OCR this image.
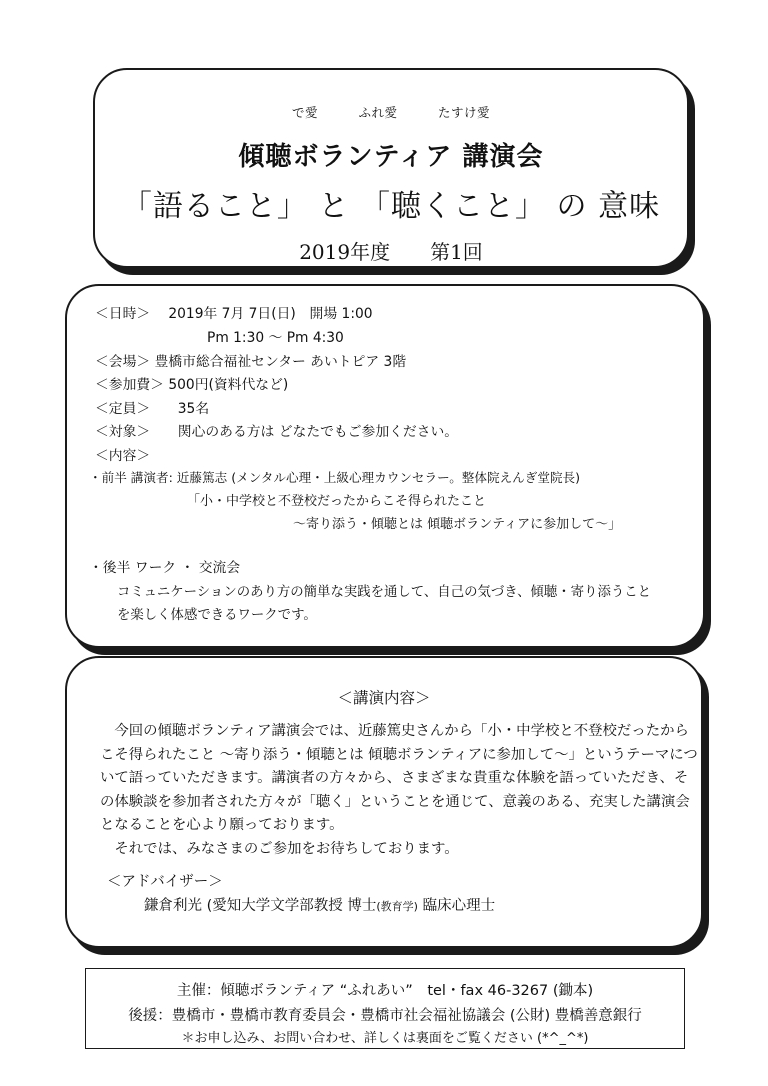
で愛	ふれ愛	たすけ愛
傾聴ボランティア 講演会
「語ること」 と 「聴くこと」 の 意味
2019年度　　第1回
＜日時＞　 2019年 7月 7日(日)　開場 1:00
Pm 1:30 ～ Pm 4:30
＜会場＞ 豊橋市総合福祉センター あいトピア 3階
＜参加費＞ 500円(資料代など)
＜定員＞　　35名
＜対象＞　　関心のある方は どなたでもご参加ください。
＜内容＞
・前半 講演者: 近藤篤志 (メンタル心理・上級心理カウンセラー。整体院えんぎ堂院長)
「小・中学校と不登校だったからこそ得られたこと
～寄り添う・傾聴とは 傾聴ボランティアに参加して～」
・後半 ワーク ・ 交流会
コミュニケーションのあり方の簡単な実践を通して、自己の気づき、傾聴・寄り添うこと
を楽しく体感できるワークです。
＜講演内容＞

今回の傾聴ボランティア講演会では、近藤篤史さんから「小・中学校と不登校だったからこそ得られたこと ～寄り添う・傾聴とは 傾聴ボランティアに参加して～」というテーマについて語っていただきます。講演者の方々から、さまざまな貴重な体験を語っていただき、その体験談を参加者された方々が「聴く」ということを通じて、意義のある、充実した講演会となることを心より願っております。

それでは、みなさまのご参加をお待ちしております。

＜アドバイザー＞
鎌倉利光 (愛知大学文学部教授 博士(教育学) 臨床心理士
主催：傾聴ボランティア “ふれあい”　tel・fax 46-3267 (鋤本)
後援：豊橋市・豊橋市教育委員会・豊橋市社会福祉協議会 (公財) 豊橋善意銀行
＊お申し込み、お問い合わせ、詳しくは裏面をご覧ください (*^_^*)
